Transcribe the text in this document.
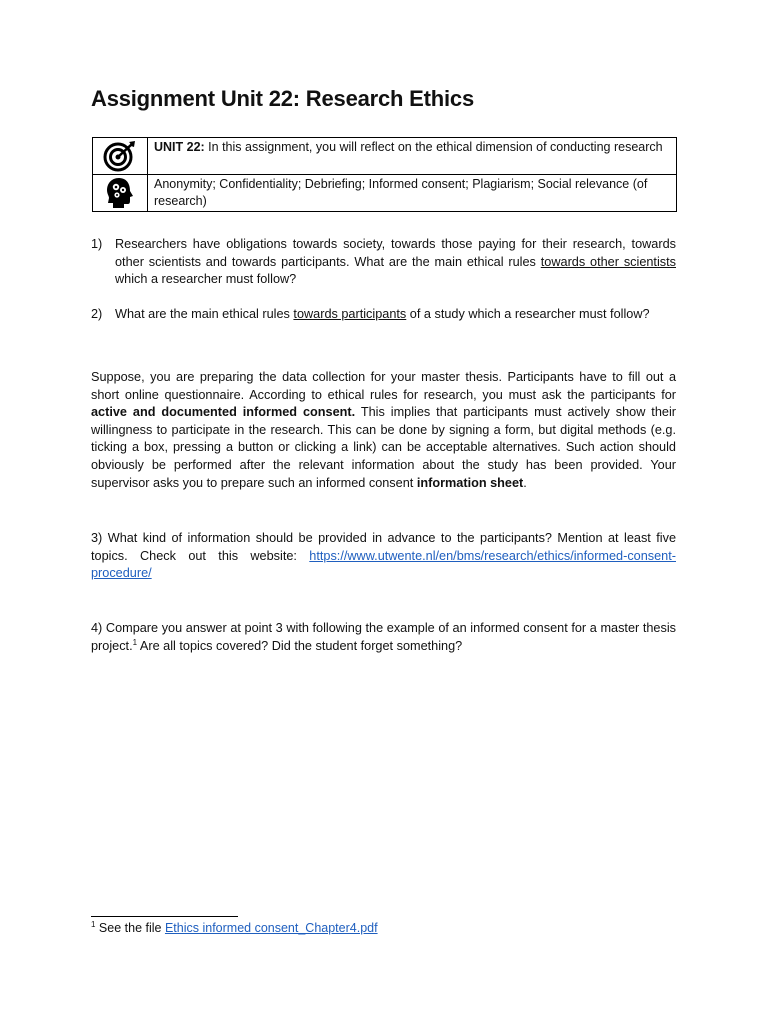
Assignment Unit 22: Research Ethics
	UNIT 22: In this assignment, you will reflect on the ethical dimension of conducting research

	Anonymity; Confidentiality; Debriefing; Informed consent; Plagiarism; Social relevance (of research)
1)	Researchers have obligations towards society, towards those paying for their research, towards other scientists and towards participants. What are the main ethical rules towards other scientists which a researcher must follow?
2)	What are the main ethical rules towards participants of a study which a researcher must follow?

Suppose, you are preparing the data collection for your master thesis. Participants have to fill out a short online questionnaire. According to ethical rules for research, you must ask the participants for active and documented informed consent. This implies that participants must actively show their willingness to participate in the research. This can be done by signing a form, but digital methods (e.g. ticking a box, pressing a button or clicking a link) can be acceptable alternatives. Such action should obviously be performed after the relevant information about the study has been provided. Your supervisor asks you to prepare such an informed consent information sheet.

3) What kind of information should be provided in advance to the participants? Mention at least five topics. Check out this website: https://www.utwente.nl/en/bms/research/ethics/informed-consent-procedure/

4) Compare you answer at point 3 with following the example of an informed consent for a master thesis project.$^1$ Are all topics covered? Did the student forget something?

$^1$ See the file Ethics informed consent_Chapter4.pdf
